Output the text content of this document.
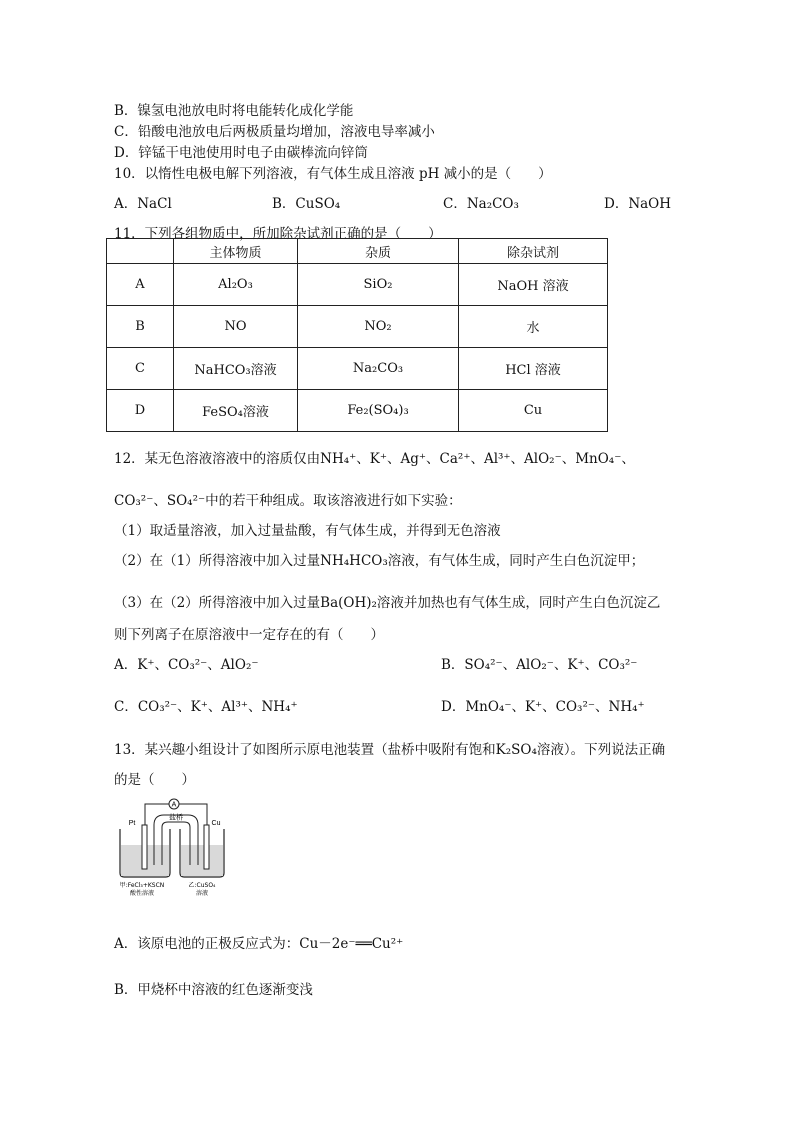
B．镍氢电池放电时将电能转化成化学能
C．铅酸电池放电后两极质量均增加，溶液电导率减小
D．锌锰干电池使用时电子由碳棒流向锌筒
10．以惰性电极电解下列溶液，有气体生成且溶液 pH 减小的是（　　）
A．NaCl	B．CuSO₄	C．Na₂CO₃	D．NaOH
11．下列各组物质中，所加除杂试剂正确的是（　　）
	主体物质	杂质	除杂试剂
A	Al₂O₃	SiO₂	NaOH 溶液
B	NO	NO₂	水
C	NaHCO₃溶液	Na₂CO₃	HCl 溶液
D	FeSO₄溶液	Fe₂(SO₄)₃	Cu
12．某无色溶液溶液中的溶质仅由NH₄⁺、K⁺、Ag⁺、Ca²⁺、Al³⁺、AlO₂⁻、MnO₄⁻、
CO₃²⁻、SO₄²⁻中的若干种组成。取该溶液进行如下实验：
（1）取适量溶液，加入过量盐酸，有气体生成，并得到无色溶液
（2）在（1）所得溶液中加入过量NH₄HCO₃溶液，有气体生成，同时产生白色沉淀甲；
（3）在（2）所得溶液中加入过量Ba(OH)₂溶液并加热也有气体生成，同时产生白色沉淀乙
则下列离子在原溶液中一定存在的有（　　）
A．K⁺、CO₃²⁻、AlO₂⁻	B．SO₄²⁻、AlO₂⁻、K⁺、CO₃²⁻
C．CO₃²⁻、K⁺、Al³⁺、NH₄⁺	D．MnO₄⁻、K⁺、CO₃²⁻、NH₄⁺
13．某兴趣小组设计了如图所示原电池装置（盐桥中吸附有饱和K₂SO₄溶液）。下列说法正确
的是（　　）
A
盐桥
Pt	Cu
甲:FeCl₃+KSCN
酸性溶液
乙:CuSO₄
溶液
A．该原电池的正极反应式为：Cu－2e⁻══Cu²⁺
B．甲烧杯中溶液的红色逐渐变浅
